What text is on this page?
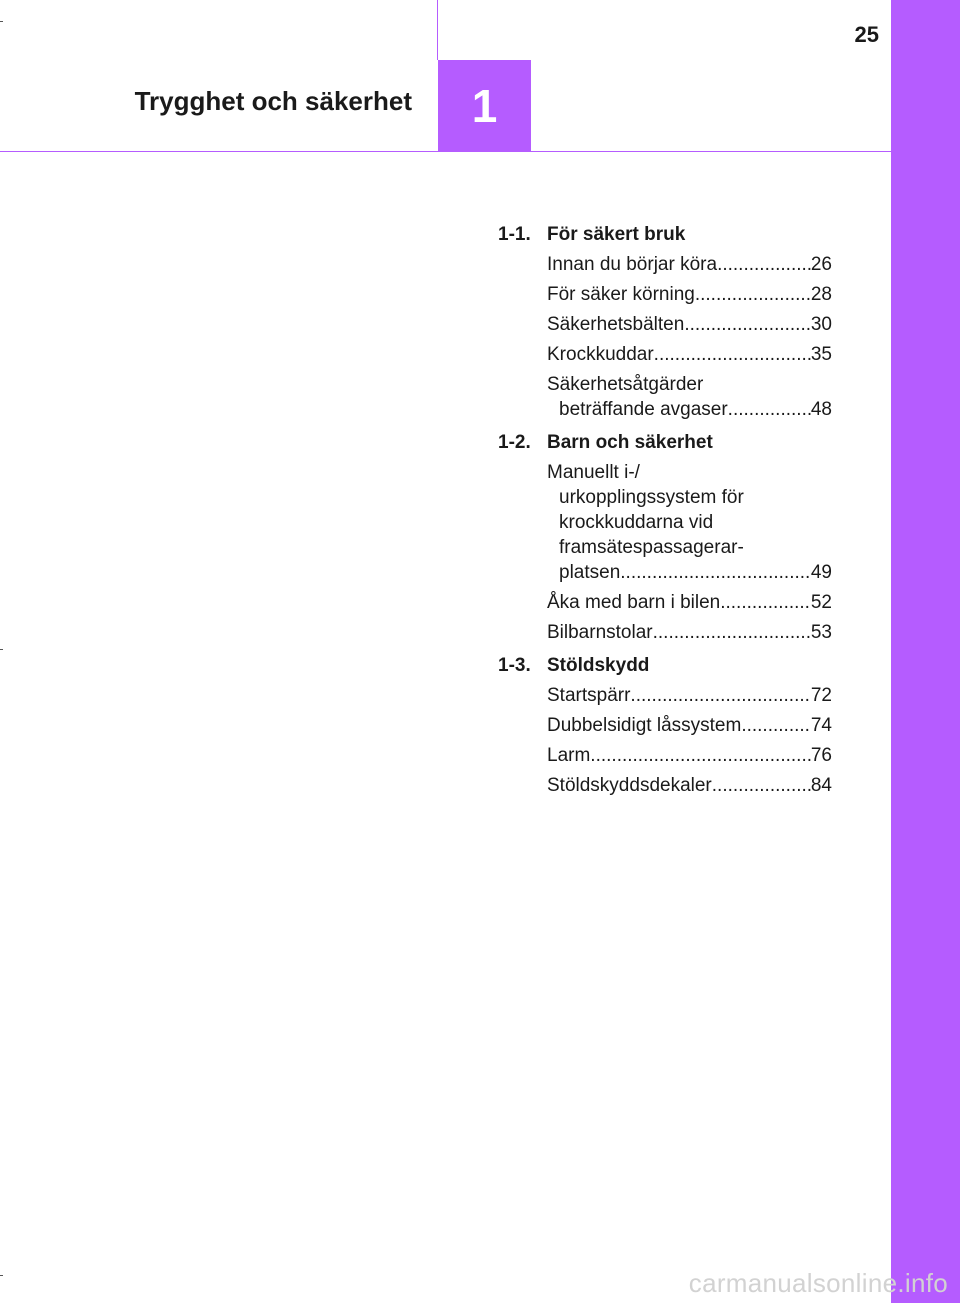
1
Trygghet och säkerhet
25
1-1. För säkert bruk
Innan du börjar köra .....	26
För säker körning .....	28
Säkerhetsbälten .....	30
Krockkuddar .....	35
Säkerhetsåtgärder
beträffande avgaser .....	48
1-2. Barn och säkerhet
Manuellt i-/
urkopplingssystem för
krockkuddarna vid
framsätespassagerar-
platsen .....	49
Åka med barn i bilen .....	52
Bilbarnstolar .....	53
1-3. Stöldskydd
Startspärr .....	72
Dubbelsidigt låssystem .....	74
Larm .....	76
Stöldskyddsdekaler .....	84
carmanualsonline.info
